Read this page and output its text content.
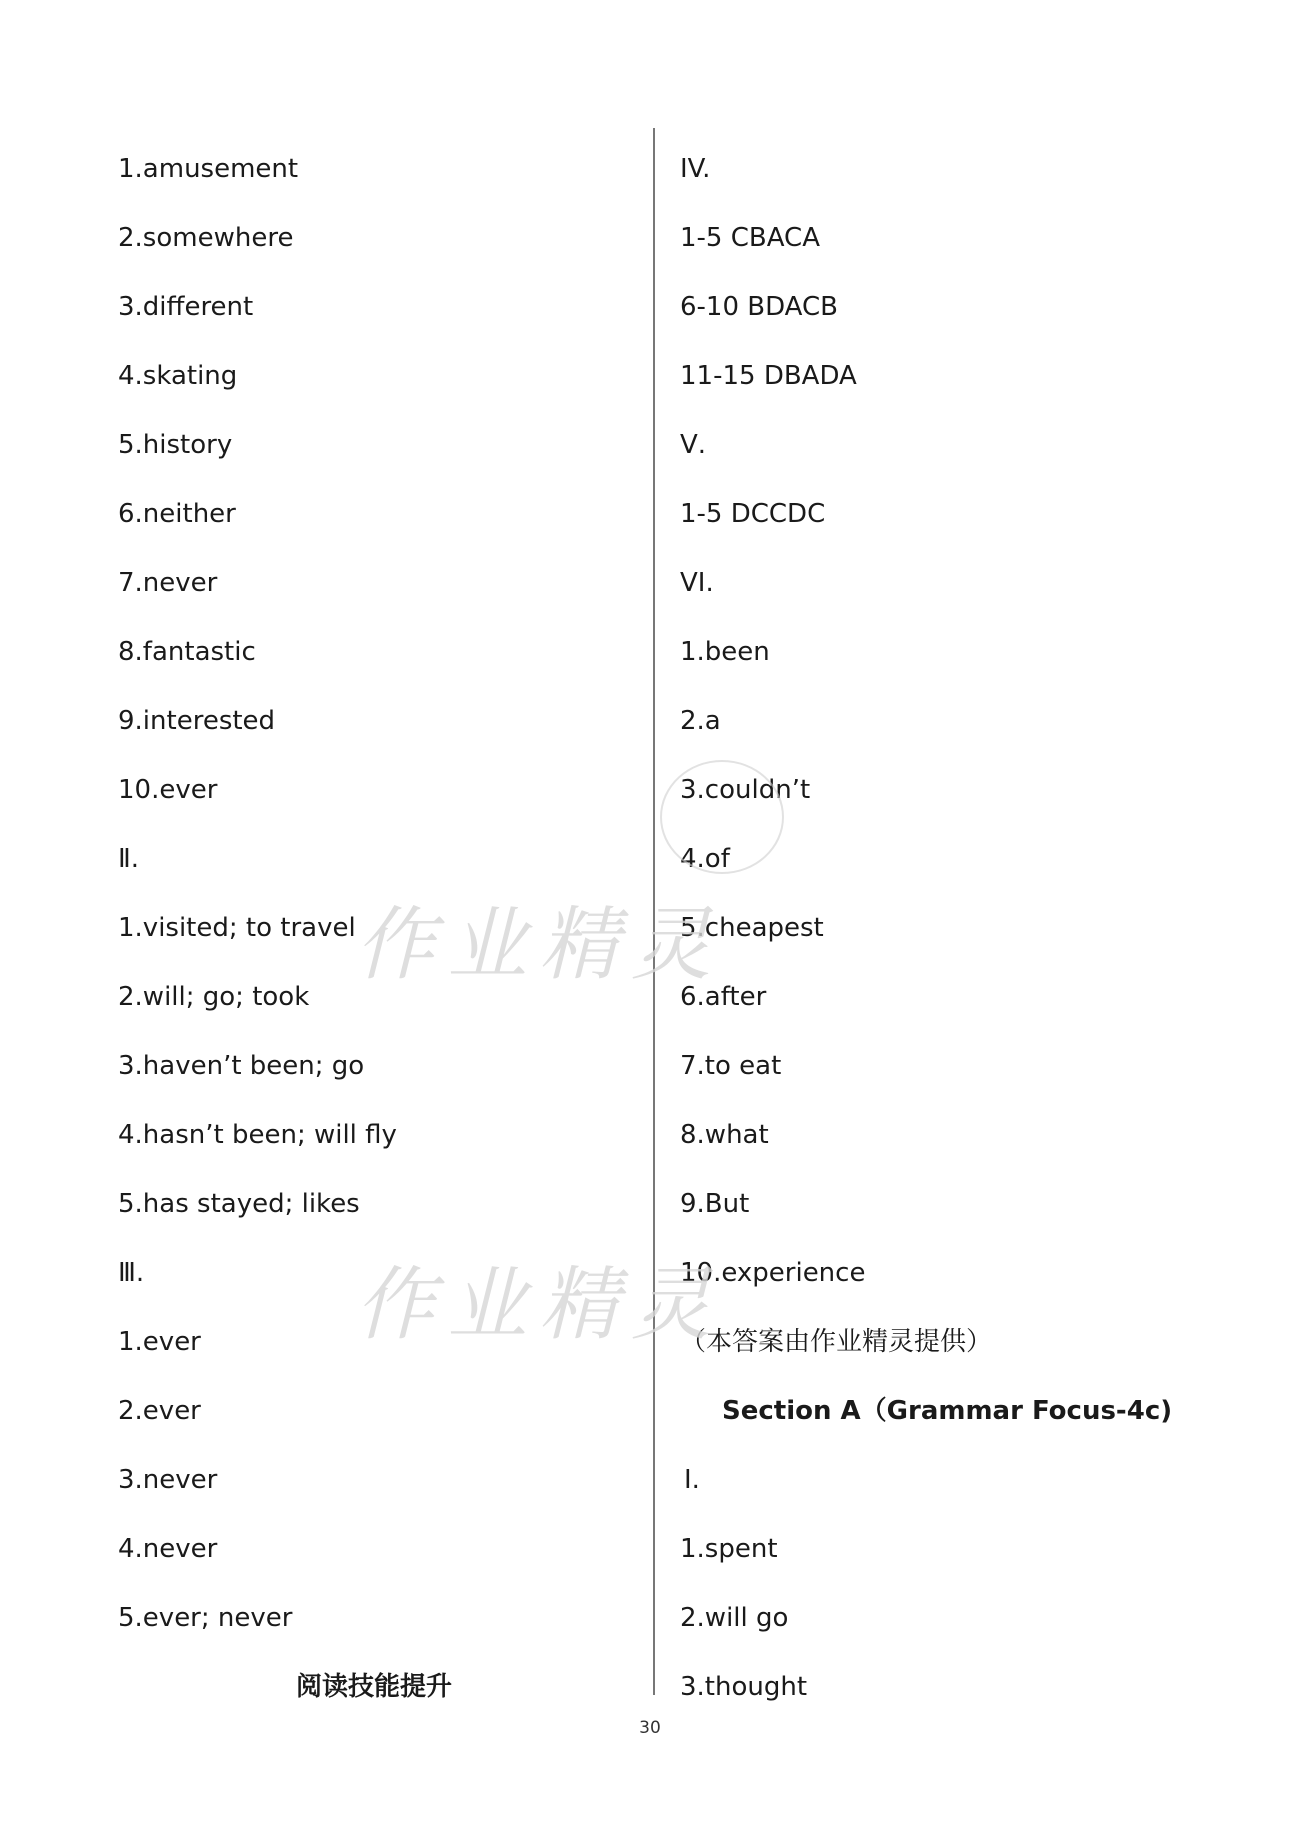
1.amusement
2.somewhere
3.different
4.skating
5.history
6.neither
7.never
8.fantastic
9.interested
10.ever
Ⅱ.
1.visited; to travel
2.will; go; took
3.haven’t been; go
4.hasn’t been; will fly
5.has stayed; likes
Ⅲ.
1.ever
2.ever
3.never
4.never
5.ever; never
阅读技能提升
IV.
1-5 CBACA
6-10 BDACB
11-15 DBADA
Ⅴ.
1-5 DCCDC
VI.
1.been
2.a
3.couldn’t
4.of
5.cheapest
6.after
7.to eat
8.what
9.But
10.experience
（本答案由作业精灵提供）
Section A（Grammar Focus-4c)
Ⅰ.
1.spent
2.will go
3.thought
作业精灵
作业精灵
30
